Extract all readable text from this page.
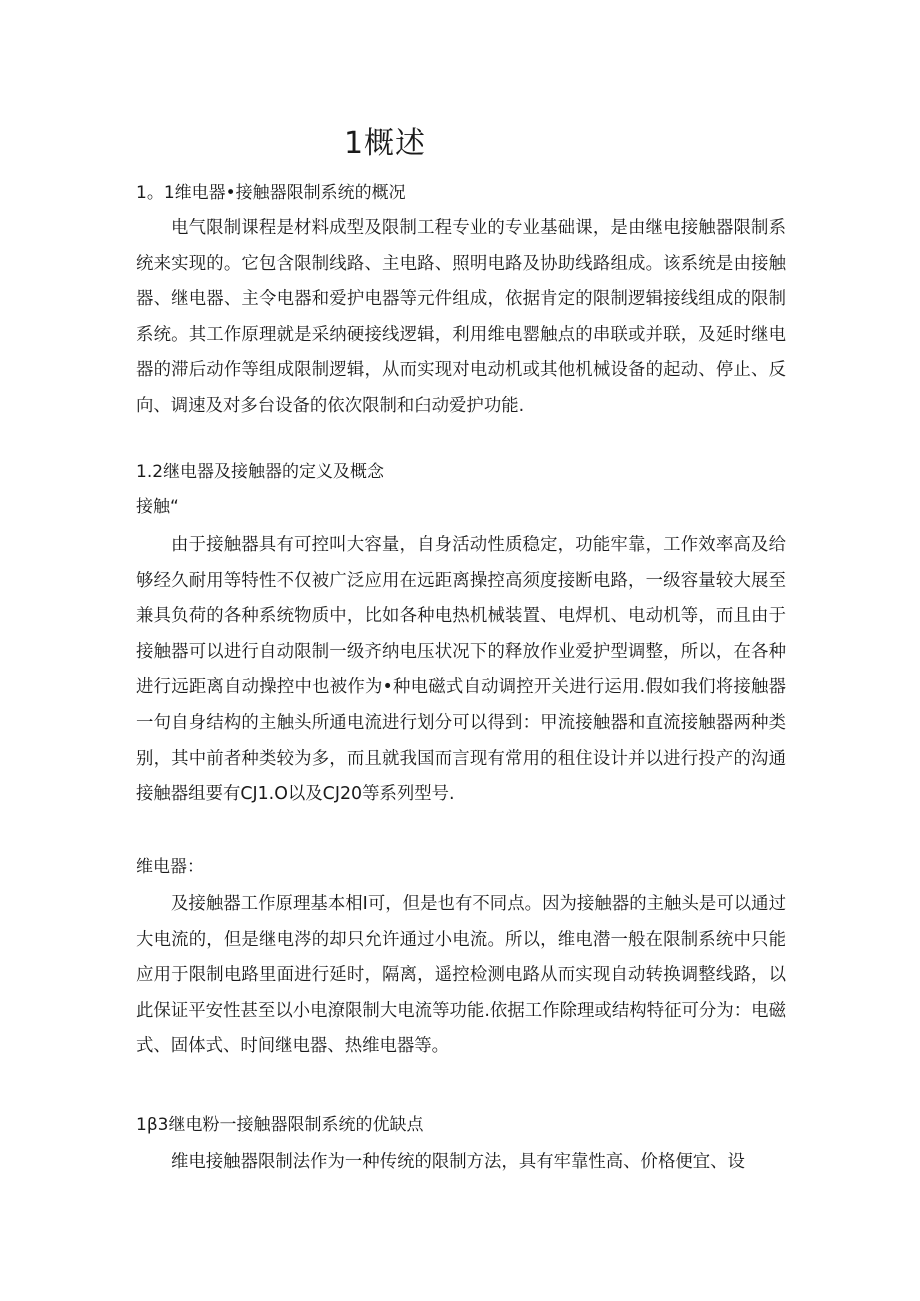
1概述

1。1维电器•接触器限制系统的概况

电气限制课程是材料成型及限制工程专业的专业基础课，是由继电接触器限制系统来实现的。它包含限制线路、主电路、照明电路及协助线路组成。该系统是由接触器、继电器、主令电器和爱护电器等元件组成，依据肯定的限制逻辑接线组成的限制系统。其工作原理就是采纳硬接线逻辑，利用维电罂触点的串联或并联，及延时继电器的滞后动作等组成限制逻辑，从而实现对电动机或其他机械设备的起动、停止、反向、调速及对多台设备的依次限制和臼动爱护功能.

1.2继电器及接触器的定义及概念

接触“

由于接触器具有可控叫大容量，自身活动性质稳定，功能牢靠，工作效率高及给够经久耐用等特性不仅被广泛应用在远距离操控高须度接断电路，一级容量较大展至兼具负荷的各种系统物质中，比如各种电热机械装置、电焊机、电动机等，而且由于接触器可以进行自动限制一级齐纳电压状况下的释放作业爱护型调整，所以，在各种进行远距离自动操控中也被作为•种电磁式自动调控开关进行运用.假如我们将接触器一句自身结构的主触头所通电流进行划分可以得到：甲流接触器和直流接触器两种类别，其中前者种类较为多，而且就我国而言现有常用的租住设计并以进行投产的沟通接触器组要有CJ1.O以及CJ20等系列型号.

维电器：

及接触器工作原理基本相I可，但是也有不同点。因为接触器的主触头是可以通过大电流的，但是继电涔的却只允许通过小电流。所以，维电潜一般在限制系统中只能应用于限制电路里面进行延时，隔离，遥控检测电路从而实现自动转换调整线路，以此保证平安性甚至以小电潦限制大电流等功能.依据工作除理或结构特征可分为：电磁式、固体式、时间继电器、热维电器等。

1β3继电粉一接触器限制系统的优缺点

维电接触器限制法作为一种传统的限制方法，具有牢靠性高、价格便宜、设
